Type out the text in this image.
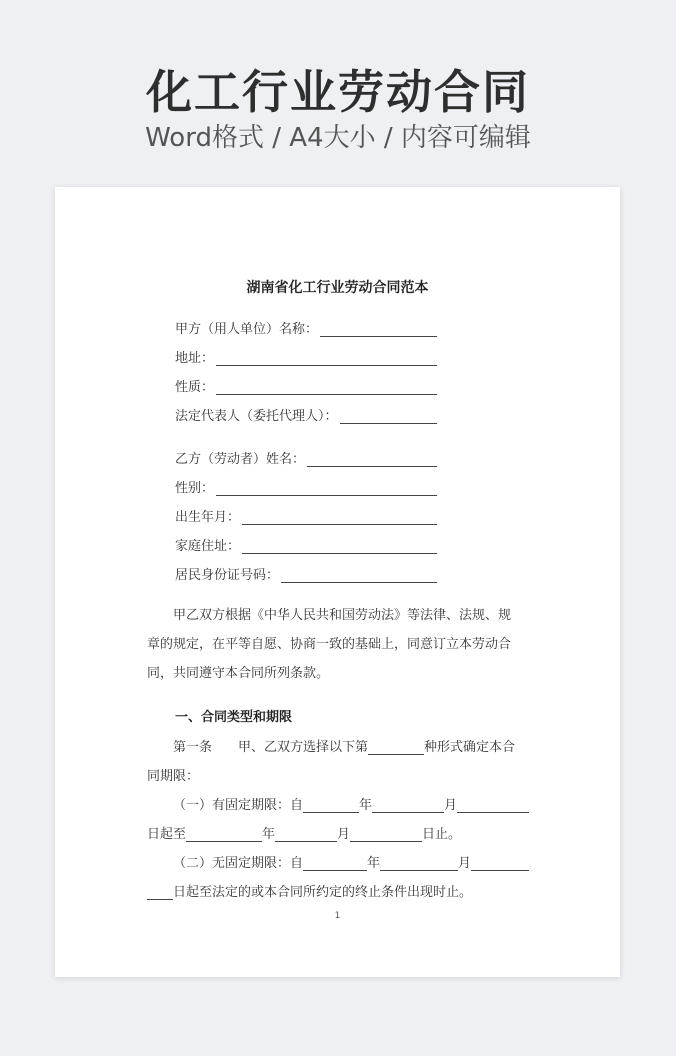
化工行业劳动合同
Word格式 / A4大小 / 内容可编辑
湖南省化工行业劳动合同范本
甲方（用人单位）名称：
地址：
性质：
法定代表人（委托代理人）：
乙方（劳动者）姓名：
性别：
出生年月：
家庭住址：
居民身份证号码：
甲乙双方根据《中华人民共和国劳动法》等法律、法规、规
章的规定，在平等自愿、协商一致的基础上，同意订立本劳动合
同，共同遵守本合同所列条款。
一、合同类型和期限
第一条　　甲、乙双方选择以下第	种形式确定本合
同期限：
（一）有固定期限：自	年	月
日起至	年	月	日止。
（二）无固定期限：自	年	月
日起至法定的或本合同所约定的终止条件出现时止。
1
